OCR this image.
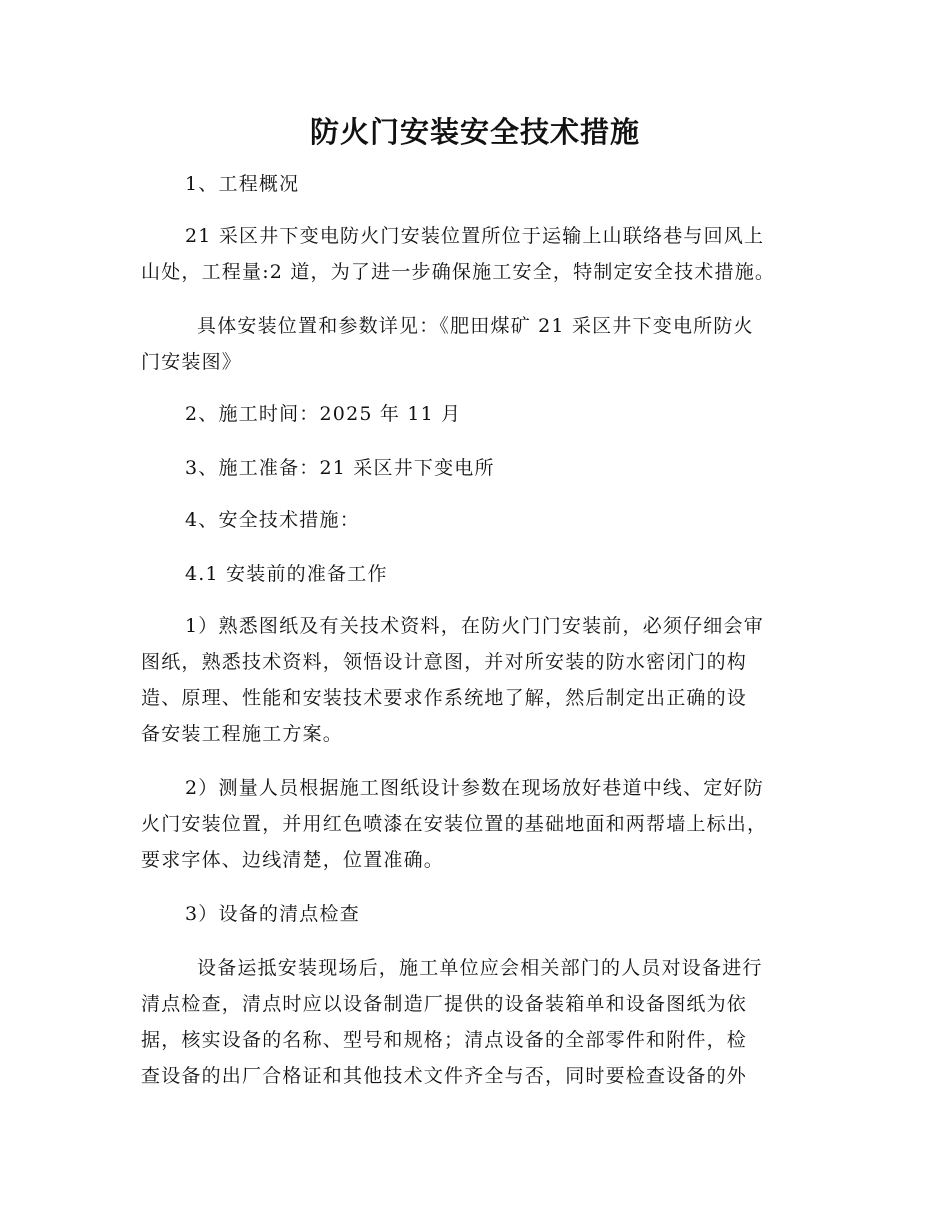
防火门安装安全技术措施
1、工程概况
21 采区井下变电防火门安装位置所位于运输上山联络巷与回风上
山处，工程量:2 道，为了进一步确保施工安全，特制定安全技术措施。
具体安装位置和参数详见：《肥田煤矿 21 采区井下变电所防火
门安装图》
2、施工时间：2025 年 11 月
3、施工准备：21 采区井下变电所
4、安全技术措施：
4.1 安装前的准备工作
1）熟悉图纸及有关技术资料，在防火门门安装前，必须仔细会审
图纸，熟悉技术资料，领悟设计意图，并对所安装的防水密闭门的构
造、原理、性能和安装技术要求作系统地了解，然后制定出正确的设
备安装工程施工方案。
2）测量人员根据施工图纸设计参数在现场放好巷道中线、定好防
火门安装位置，并用红色喷漆在安装位置的基础地面和两帮墙上标出，
要求字体、边线清楚，位置准确。
3）设备的清点检查
设备运抵安装现场后，施工单位应会相关部门的人员对设备进行
清点检查，清点时应以设备制造厂提供的设备装箱单和设备图纸为依
据，核实设备的名称、型号和规格；清点设备的全部零件和附件，检
查设备的出厂合格证和其他技术文件齐全与否，同时要检查设备的外
